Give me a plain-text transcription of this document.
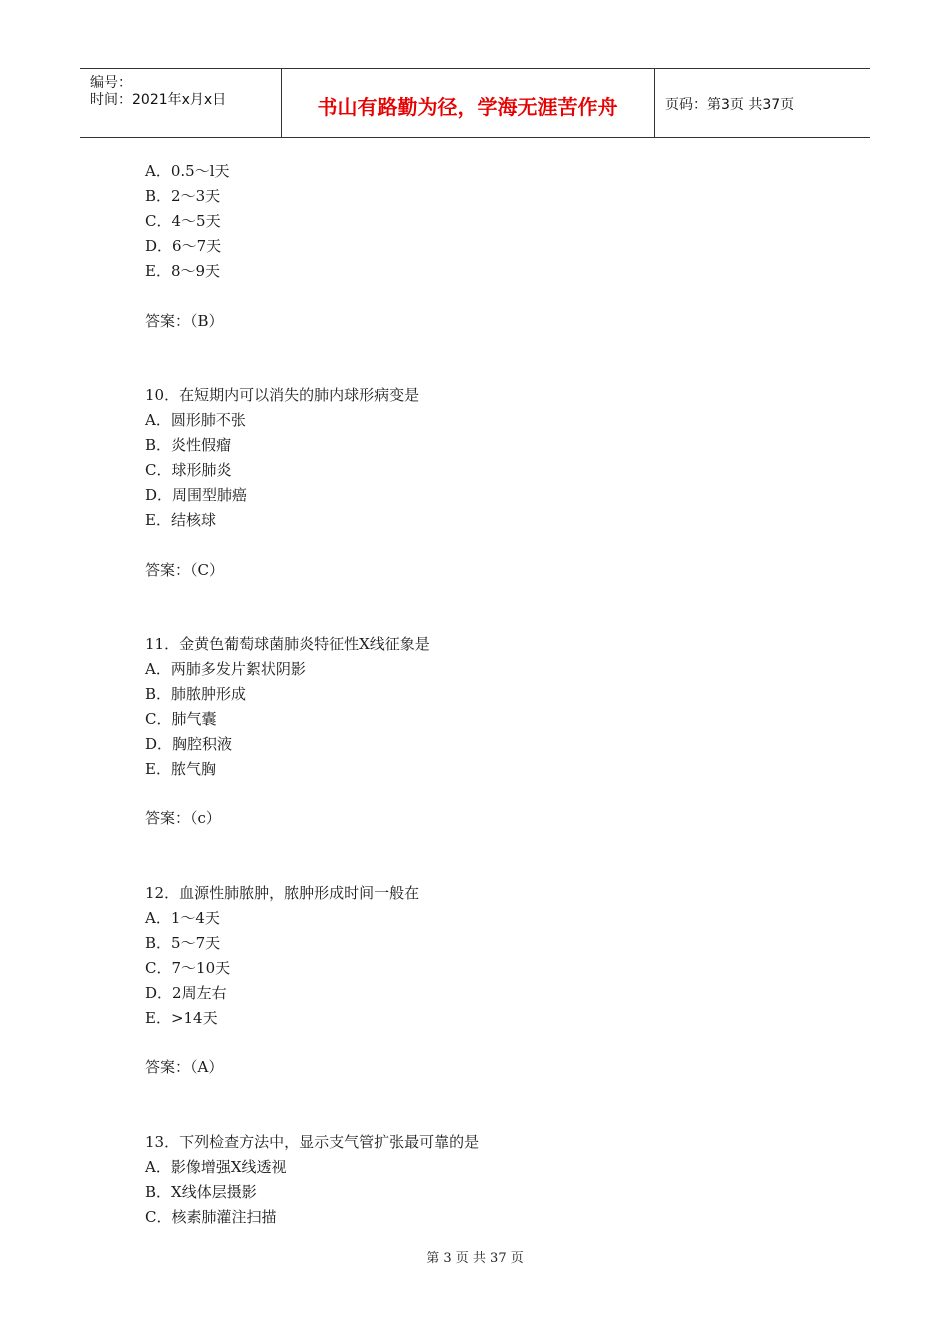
编号：
时间：2021年x月x日	书山有路勤为径，学海无涯苦作舟	页码：第3页 共37页
A．0.5～l天
B．2～3天
C．4～5天
D．6～7天
E．8～9天
答案：（B）
10．在短期内可以消失的肺内球形病变是
A．圆形肺不张
B．炎性假瘤
C．球形肺炎
D．周围型肺癌
E．结核球
答案：（C）
11．金黄色葡萄球菌肺炎特征性X线征象是
A．两肺多发片絮状阴影
B．肺脓肿形成
C．肺气囊
D．胸腔积液
E．脓气胸
答案：（c）
12．血源性肺脓肿，脓肿形成时间一般在
A．1～4天
B．5～7天
C．7～10天
D．2周左右
E．>14天
答案：（A）
13．下列检查方法中，显示支气管扩张最可靠的是
A．影像增强X线透视
B．X线体层摄影
C．核素肺灌注扫描
第 3 页 共 37 页
